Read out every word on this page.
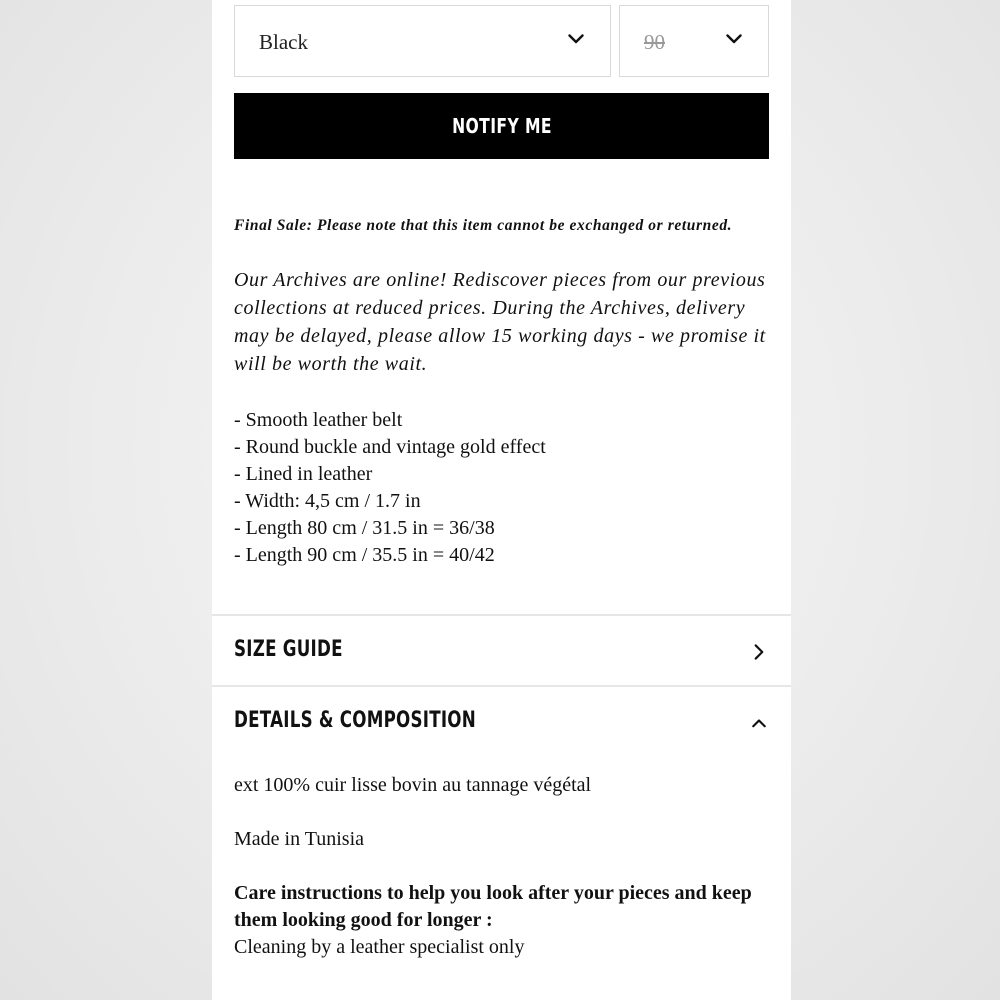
Black	90
NOTIFY ME
Final Sale: Please note that this item cannot be exchanged or returned.

Our Archives are online! Rediscover pieces from our previous collections at reduced prices. During the Archives, delivery may be delayed, please allow 15 working days - we promise it will be worth the wait.

- Smooth leather belt
- Round buckle and vintage gold effect
- Lined in leather
- Width: 4,5 cm / 1.7 in
- Length 80 cm / 31.5 in = 36/38
- Length 90 cm / 35.5 in = 40/42
SIZE GUIDE
DETAILS & COMPOSITION

ext 100% cuir lisse bovin au tannage végétal

Made in Tunisia

Care instructions to help you look after your pieces and keep them looking good for longer :
Cleaning by a leather specialist only
